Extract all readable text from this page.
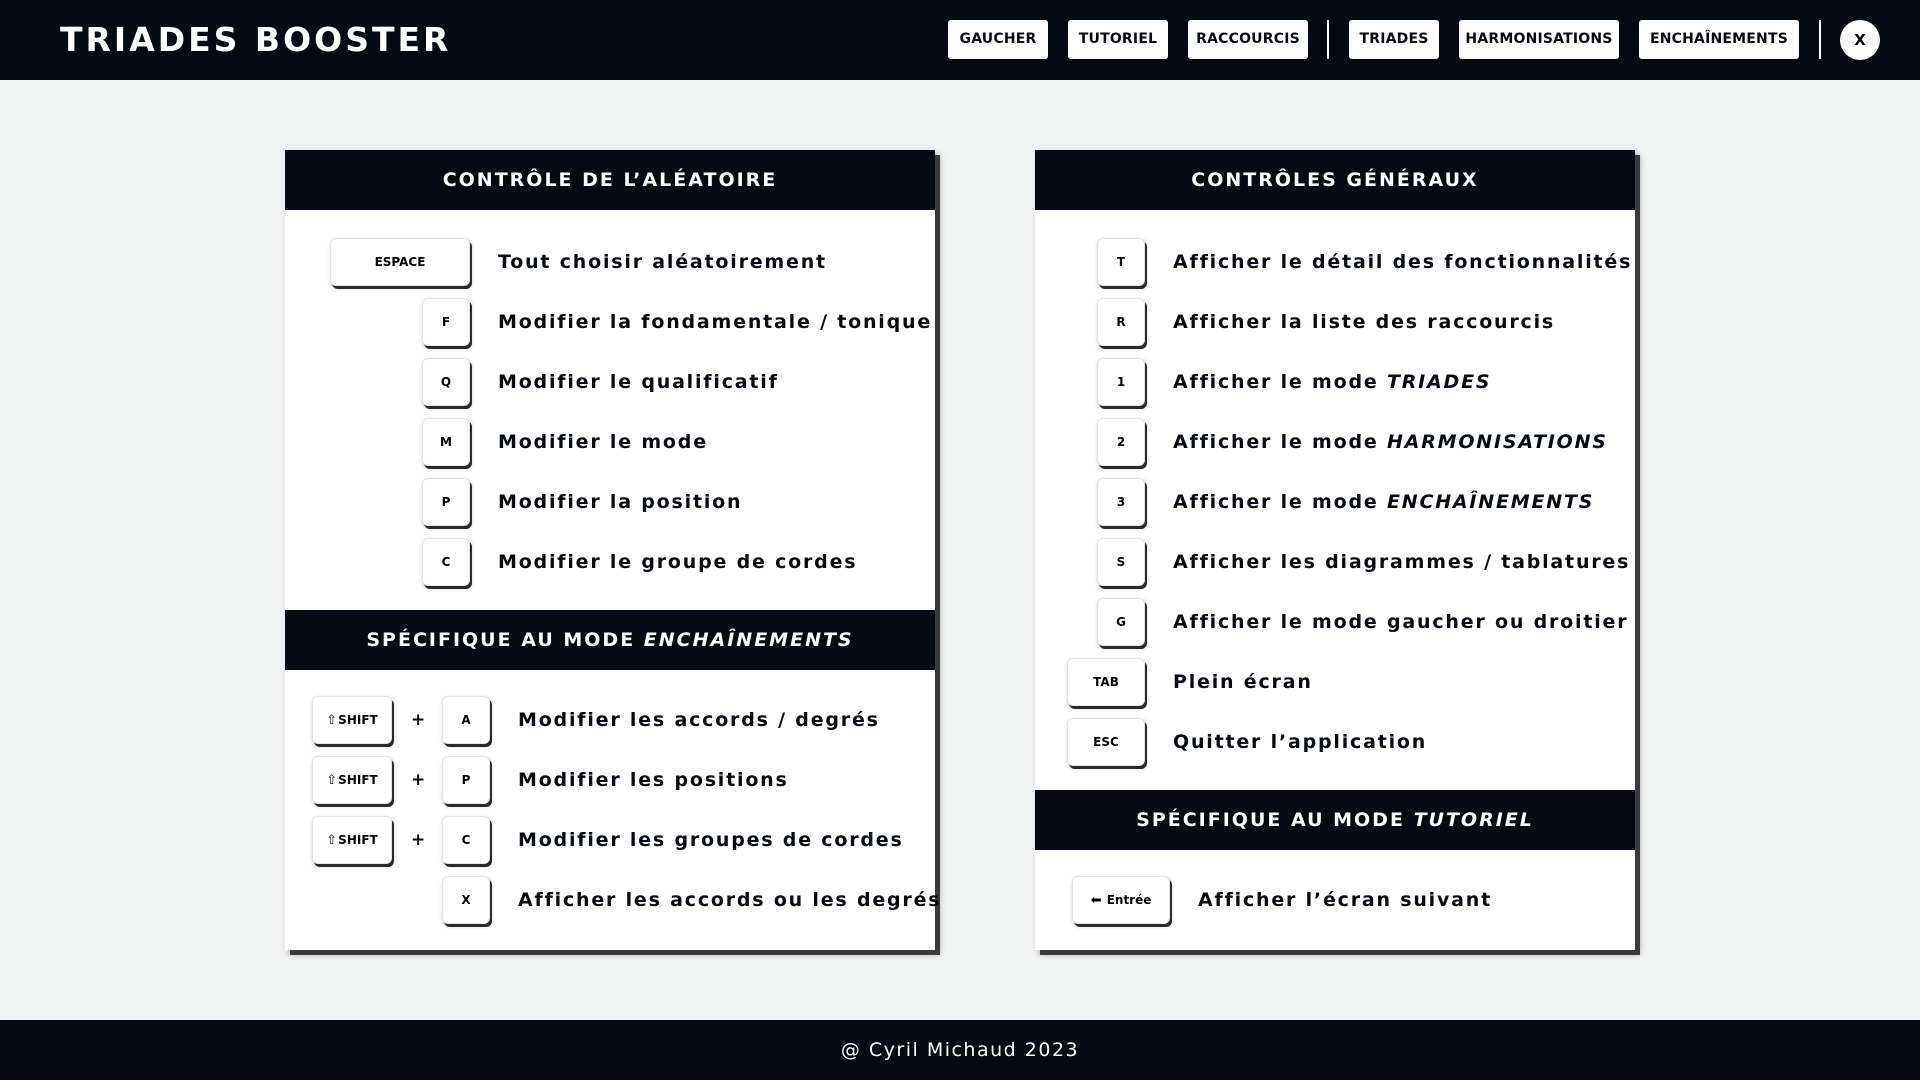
TRIADES BOOSTER	GAUCHER	TUTORIEL	RACCOURCIS	TRIADES	HARMONISATIONS	ENCHAÎNEMENTS	X
CONTRÔLE DE L’ALÉATOIRE
ESPACE	Tout choisir aléatoirement
F	Modifier la fondamentale / tonique
Q	Modifier le qualificatif
M	Modifier le mode
P	Modifier la position
C	Modifier le groupe de cordes
SPÉCIFIQUE AU MODE ENCHAÎNEMENTS
⇧SHIFT	+	A	Modifier les accords / degrés
⇧SHIFT	+	P	Modifier les positions
⇧SHIFT	+	C	Modifier les groupes de cordes
X	Afficher les accords ou les degrés
CONTRÔLES GÉNÉRAUX
T	Afficher le détail des fonctionnalités
R	Afficher la liste des raccourcis
1	Afficher le mode TRIADES
2	Afficher le mode HARMONISATIONS
3	Afficher le mode ENCHAÎNEMENTS
S	Afficher les diagrammes / tablatures
G	Afficher le mode gaucher ou droitier
TAB	Plein écran
ESC	Quitter l’application
SPÉCIFIQUE AU MODE TUTORIEL
⬅ Entrée	Afficher l’écran suivant
@ Cyril Michaud 2023
